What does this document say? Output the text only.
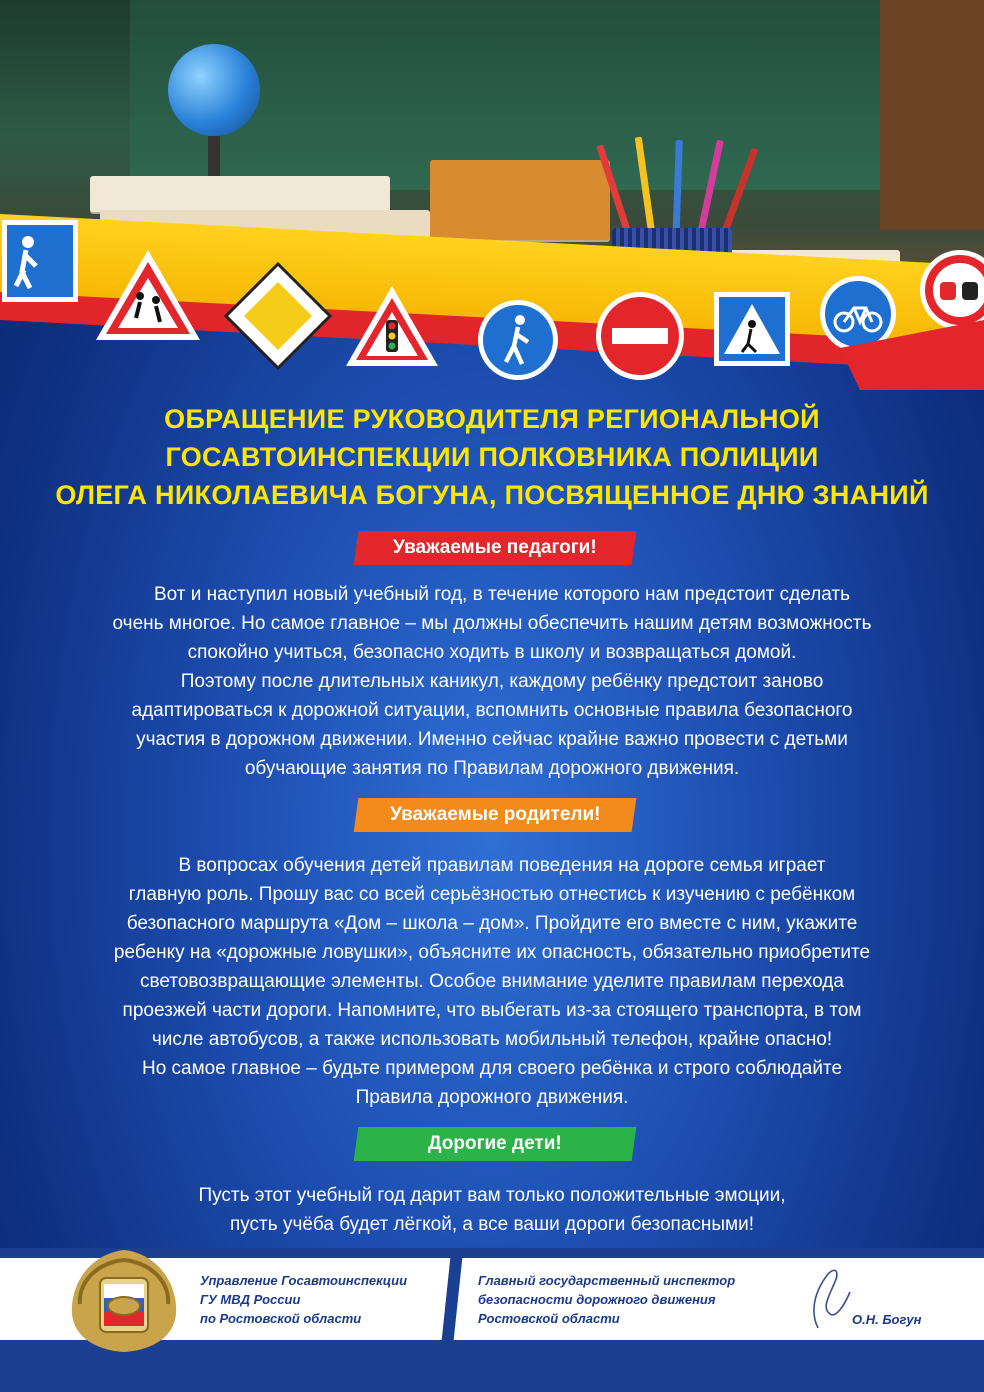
ОБРАЩЕНИЕ РУКОВОДИТЕЛЯ РЕГИОНАЛЬНОЙ
ГОСАВТОИНСПЕКЦИИ ПОЛКОВНИКА ПОЛИЦИИ
ОЛЕГА НИКОЛАЕВИЧА БОГУНА, ПОСВЯЩЕННОЕ ДНЮ ЗНАНИЙ
Уважаемые педагоги!
Вот и наступил новый учебный год, в течение которого нам предстоит сделать
очень многое. Но самое главное – мы должны обеспечить нашим детям возможность
спокойно учиться, безопасно ходить в школу и возвращаться домой.
Поэтому после длительных каникул, каждому ребёнку предстоит заново
адаптироваться к дорожной ситуации, вспомнить основные правила безопасного
участия в дорожном движении. Именно сейчас крайне важно провести с детьми
обучающие занятия по Правилам дорожного движения.
Уважаемые родители!
В вопросах обучения детей правилам поведения на дороге семья играет
главную роль. Прошу вас со всей серьёзностью отнестись к изучению с ребёнком
безопасного маршрута «Дом – школа – дом». Пройдите его вместе с ним, укажите
ребенку на «дорожные ловушки», объясните их опасность, обязательно приобретите
световозвращающие элементы. Особое внимание уделите правилам перехода
проезжей части дороги. Напомните, что выбегать из-за стоящего транспорта, в том
числе автобусов, а также использовать мобильный телефон, крайне опасно!
Но самое главное – будьте примером для своего ребёнка и строго соблюдайте
Правила дорожного движения.
Дорогие дети!
Пусть этот учебный год дарит вам только положительные эмоции,
пусть учёба будет лёгкой, а все ваши дороги безопасными!
Управление Госавтоинспекции
ГУ МВД России
по Ростовской области
Главный государственный инспектор
безопасности дорожного движения
Ростовской области	О.Н. Богун
